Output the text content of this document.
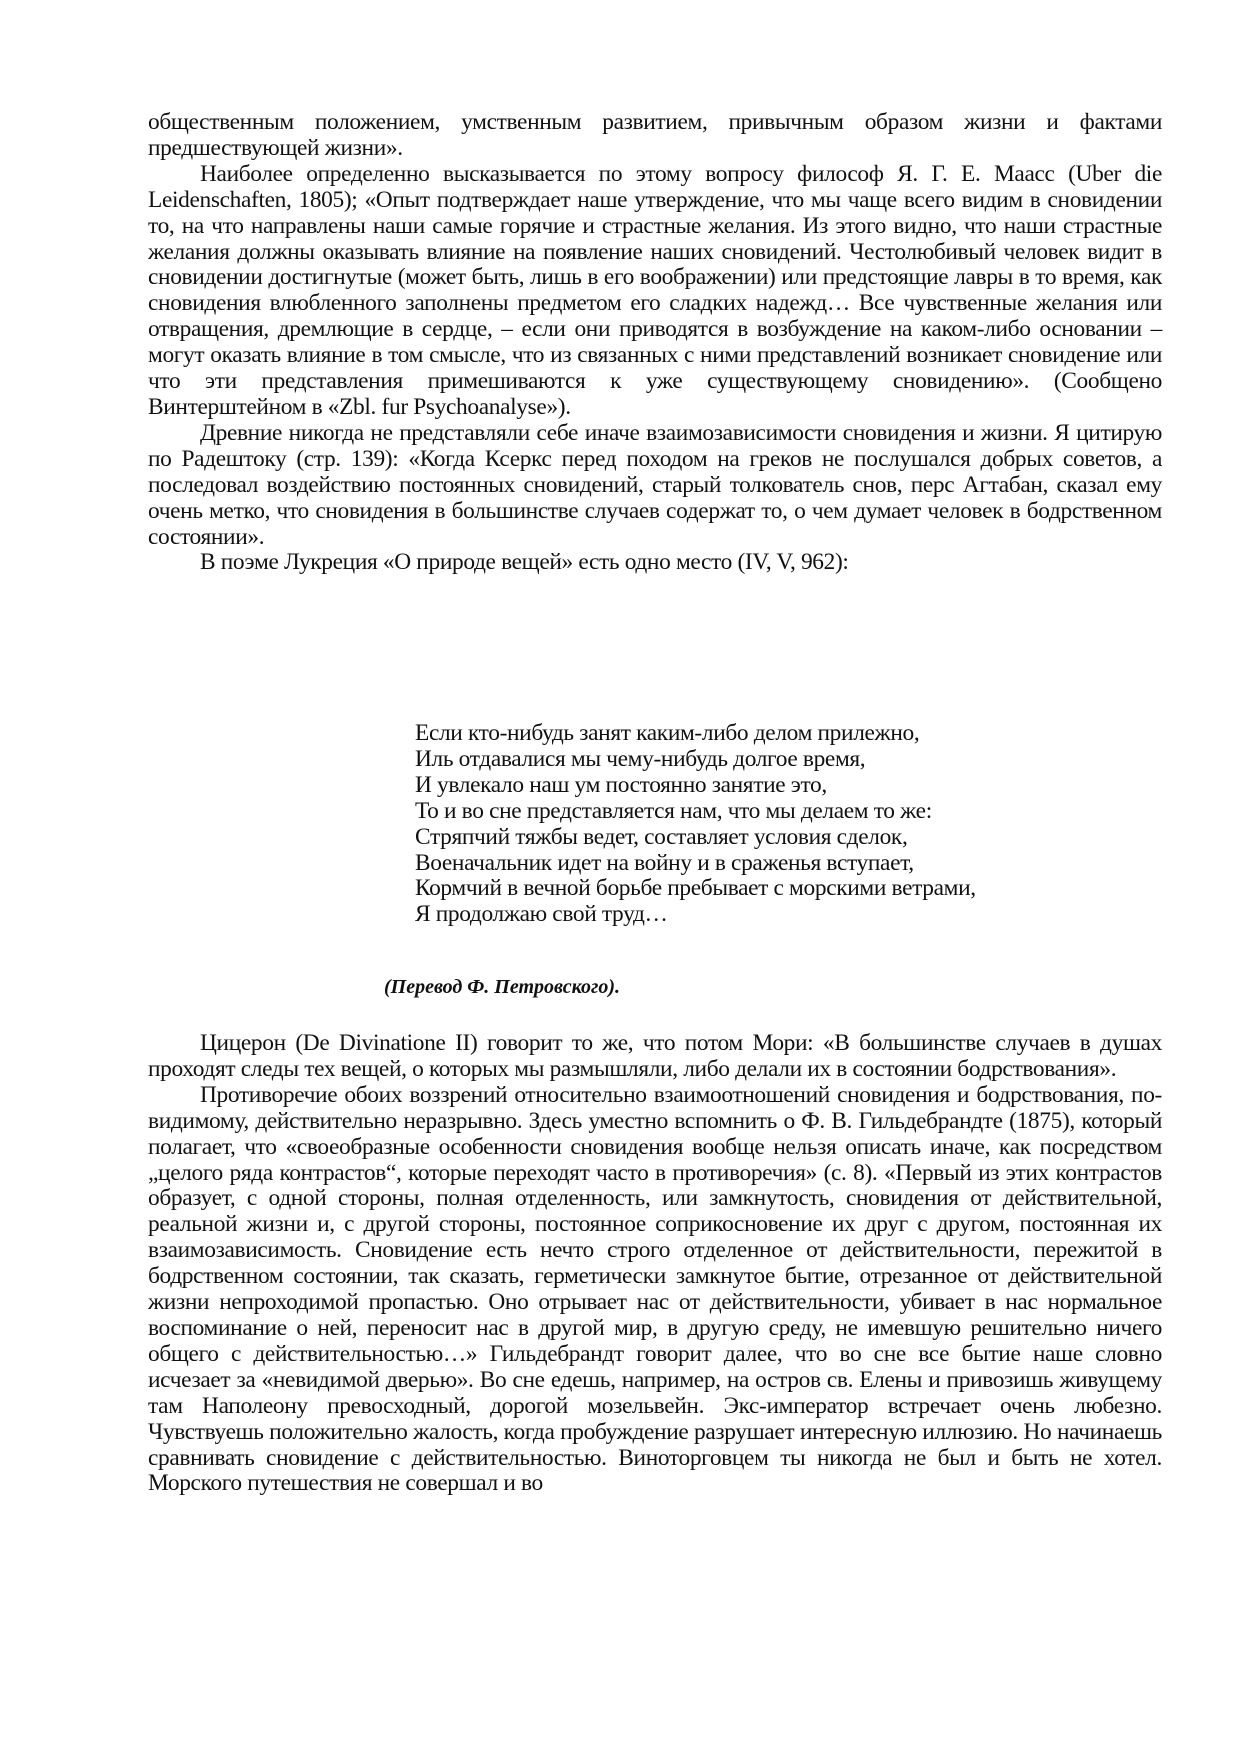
общественным положением, умственным развитием, привычным образом жизни и фактами предшествующей жизни».

Наиболее определенно высказывается по этому вопросу философ Я. Г. Е. Маасс (Uber die Leidenschaften, 1805); «Опыт подтверждает наше утверждение, что мы чаще всего видим в сновидении то, на что направлены наши самые горячие и страстные желания. Из этого видно, что наши страстные желания должны оказывать влияние на появление наших сновидений. Честолюбивый человек видит в сновидении достигнутые (может быть, лишь в его воображении) или предстоящие лавры в то время, как сновидения влюбленного заполнены предметом его сладких надежд… Все чувственные желания или отвращения, дремлющие в сердце, – если они приводятся в возбуждение на каком-либо основании – могут оказать влияние в том смысле, что из связанных с ними представлений возникает сновидение или что эти представления примешиваются к уже существующему сновидению». (Сообщено Винтерштейном в «Zbl. fur Psychoanalyse»).

Древние никогда не представляли себе иначе взаимозависимости сновидения и жизни. Я цитирую по Радештоку (стр. 139): «Когда Ксеркс перед походом на греков не послушался добрых советов, а последовал воздействию постоянных сновидений, старый толкователь снов, перс Агтабан, сказал ему очень метко, что сновидения в большинстве случаев содержат то, о чем думает человек в бодрственном состоянии».

В поэме Лукреция «О природе вещей» есть одно место (IV, V, 962):

Если кто-нибудь занят каким-либо делом прилежно,
Иль отдавалися мы чему-нибудь долгое время,
И увлекало наш ум постоянно занятие это,
То и во сне представляется нам, что мы делаем то же:
Стряпчий тяжбы ведет, составляет условия сделок,
Военачальник идет на войну и в сраженья вступает,
Кормчий в вечной борьбе пребывает с морскими ветрами,
Я продолжаю свой труд…
(Перевод Ф. Петровского).

Цицерон (De Divinatione II) говорит то же, что потом Мори: «В большинстве случаев в душах проходят следы тех вещей, о которых мы размышляли, либо делали их в состоянии бодрствования».

Противоречие обоих воззрений относительно взаимоотношений сновидения и бодрствования, по-видимому, действительно неразрывно. Здесь уместно вспомнить о Ф. В. Гильдебрандте (1875), который полагает, что «своеобразные особенности сновидения вообще нельзя описать иначе, как посредством „целого ряда контрастов“, которые переходят часто в противоречия» (с. 8). «Первый из этих контрастов образует, с одной стороны, полная отделенность, или замкнутость, сновидения от действительной, реальной жизни и, с другой стороны, постоянное соприкосновение их друг с другом, постоянная их взаимозависимость. Сновидение есть нечто строго отделенное от действительности, пережитой в бодрственном состоянии, так сказать, герметически замкнутое бытие, отрезанное от действительной жизни непроходимой пропастью. Оно отрывает нас от действительности, убивает в нас нормальное воспоминание о ней, переносит нас в другой мир, в другую среду, не имевшую решительно ничего общего с действительностью…» Гильдебрандт говорит далее, что во сне все бытие наше словно исчезает за «невидимой дверью». Во сне едешь, например, на остров св. Елены и привозишь живущему там Наполеону превосходный, дорогой мозельвейн. Экс-император встречает очень любезно. Чувствуешь положительно жалость, когда пробуждение разрушает интересную иллюзию. Но начинаешь сравнивать сновидение с действительностью. Виноторговцем ты никогда не был и быть не хотел. Морского путешествия не совершал и во
